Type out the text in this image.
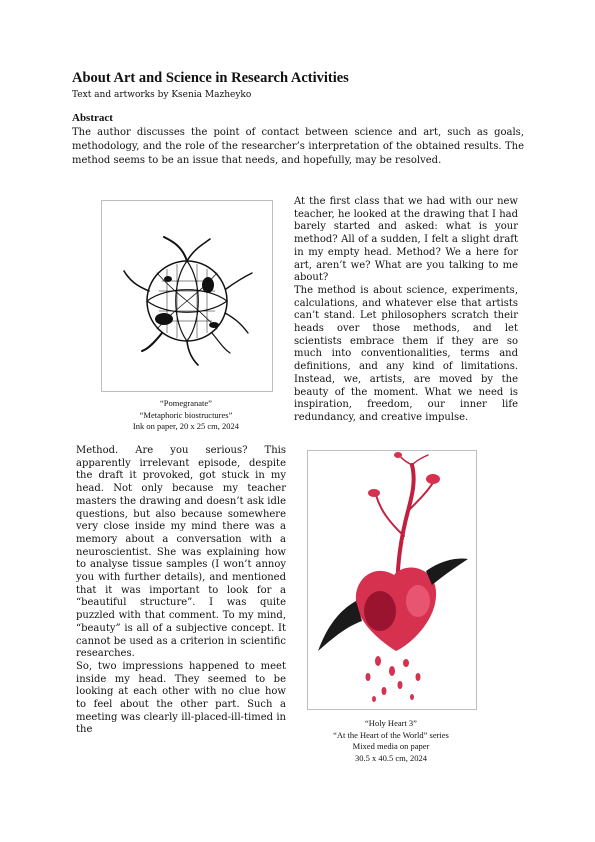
About Art and Science in Research Activities
Text and artworks by Ksenia Mazheyko
Abstract
The author discusses the point of contact between science and art, such as goals, methodology, and the role of the researcher’s interpretation of the obtained results. The method seems to be an issue that needs, and hopefully, may be resolved.
“Pomegranate”
“Metaphoric biostructures”
Ink on paper, 20 x 25 cm, 2024

At the first class that we had with our new teacher, he looked at the drawing that I had barely started and asked: what is your method? All of a sudden, I felt a slight draft in my empty head. Method? We a here for art, aren’t we? What are you talking to me about?

The method is about science, experiments, calculations, and whatever else that artists can’t stand. Let philosophers scratch their heads over those methods, and let scientists embrace them if they are so much into conventionalities, terms and definitions, and any kind of limitations. Instead, we, artists, are moved by the beauty of the moment. What we need is inspiration, freedom, our inner life redundancy, and creative impulse.

Method. Are you serious? This apparently irrelevant episode, despite the draft it provoked, got stuck in my head. Not only because my teacher masters the drawing and doesn’t ask idle questions, but also because somewhere very close inside my mind there was a memory about a conversation with a neuroscientist. She was explaining how to analyse tissue samples (I won’t annoy you with further details), and mentioned that it was important to look for a “beautiful structure”. I was quite puzzled with that comment. To my mind, “beauty” is all of a subjective concept. It cannot be used as a criterion in scientific researches.

So, two impressions happened to meet inside my head. They seemed to be looking at each other with no clue how to feel about the other part. Such a meeting was clearly ill-placed-ill-timed in the

“Holy Heart 3”
“At the Heart of the World” series
Mixed media on paper
30.5 x 40.5 cm, 2024
